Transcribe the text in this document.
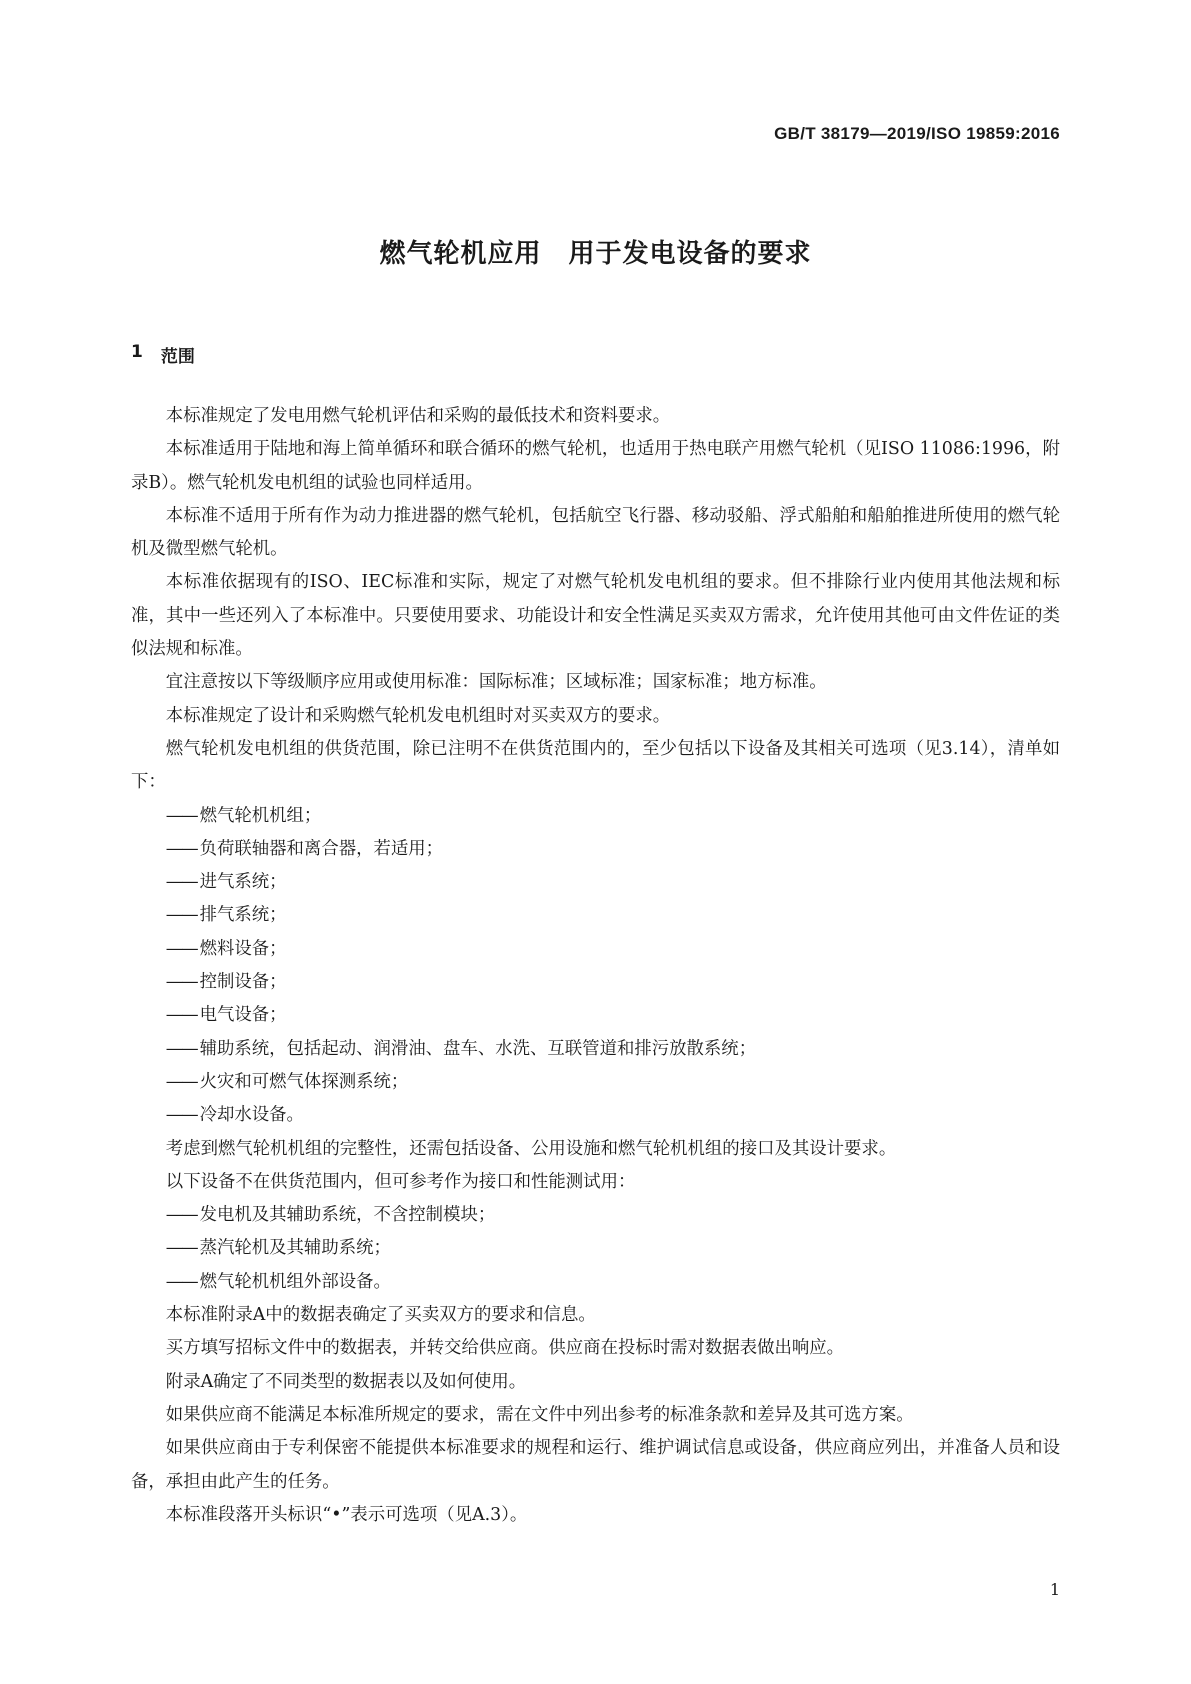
GB/T 38179—2019/ISO 19859:2016
燃气轮机应用　用于发电设备的要求
1 范围

本标准规定了发电用燃气轮机评估和采购的最低技术和资料要求。

本标准适用于陆地和海上简单循环和联合循环的燃气轮机，也适用于热电联产用燃气轮机（见ISO 11086:1996，附录B）。燃气轮机发电机组的试验也同样适用。

本标准不适用于所有作为动力推进器的燃气轮机，包括航空飞行器、移动驳船、浮式船舶和船舶推进所使用的燃气轮机及微型燃气轮机。

本标准依据现有的ISO、IEC标准和实际，规定了对燃气轮机发电机组的要求。但不排除行业内使用其他法规和标准，其中一些还列入了本标准中。只要使用要求、功能设计和安全性满足买卖双方需求，允许使用其他可由文件佐证的类似法规和标准。

宜注意按以下等级顺序应用或使用标准：国际标准；区域标准；国家标准；地方标准。

本标准规定了设计和采购燃气轮机发电机组时对买卖双方的要求。

燃气轮机发电机组的供货范围，除已注明不在供货范围内的，至少包括以下设备及其相关可选项（见3.14），清单如下：

—— 燃气轮机机组；

—— 负荷联轴器和离合器，若适用；

—— 进气系统；

—— 排气系统；

—— 燃料设备；

—— 控制设备；

—— 电气设备；

—— 辅助系统，包括起动、润滑油、盘车、水洗、互联管道和排污放散系统；

—— 火灾和可燃气体探测系统；

—— 冷却水设备。

考虑到燃气轮机机组的完整性，还需包括设备、公用设施和燃气轮机机组的接口及其设计要求。

以下设备不在供货范围内，但可参考作为接口和性能测试用：

—— 发电机及其辅助系统，不含控制模块；

—— 蒸汽轮机及其辅助系统；

—— 燃气轮机机组外部设备。

本标准附录A中的数据表确定了买卖双方的要求和信息。

买方填写招标文件中的数据表，并转交给供应商。供应商在投标时需对数据表做出响应。

附录A确定了不同类型的数据表以及如何使用。

如果供应商不能满足本标准所规定的要求，需在文件中列出参考的标准条款和差异及其可选方案。

如果供应商由于专利保密不能提供本标准要求的规程和运行、维护调试信息或设备，供应商应列出，并准备人员和设备，承担由此产生的任务。

本标准段落开头标识“•”表示可选项（见A.3）。

1
